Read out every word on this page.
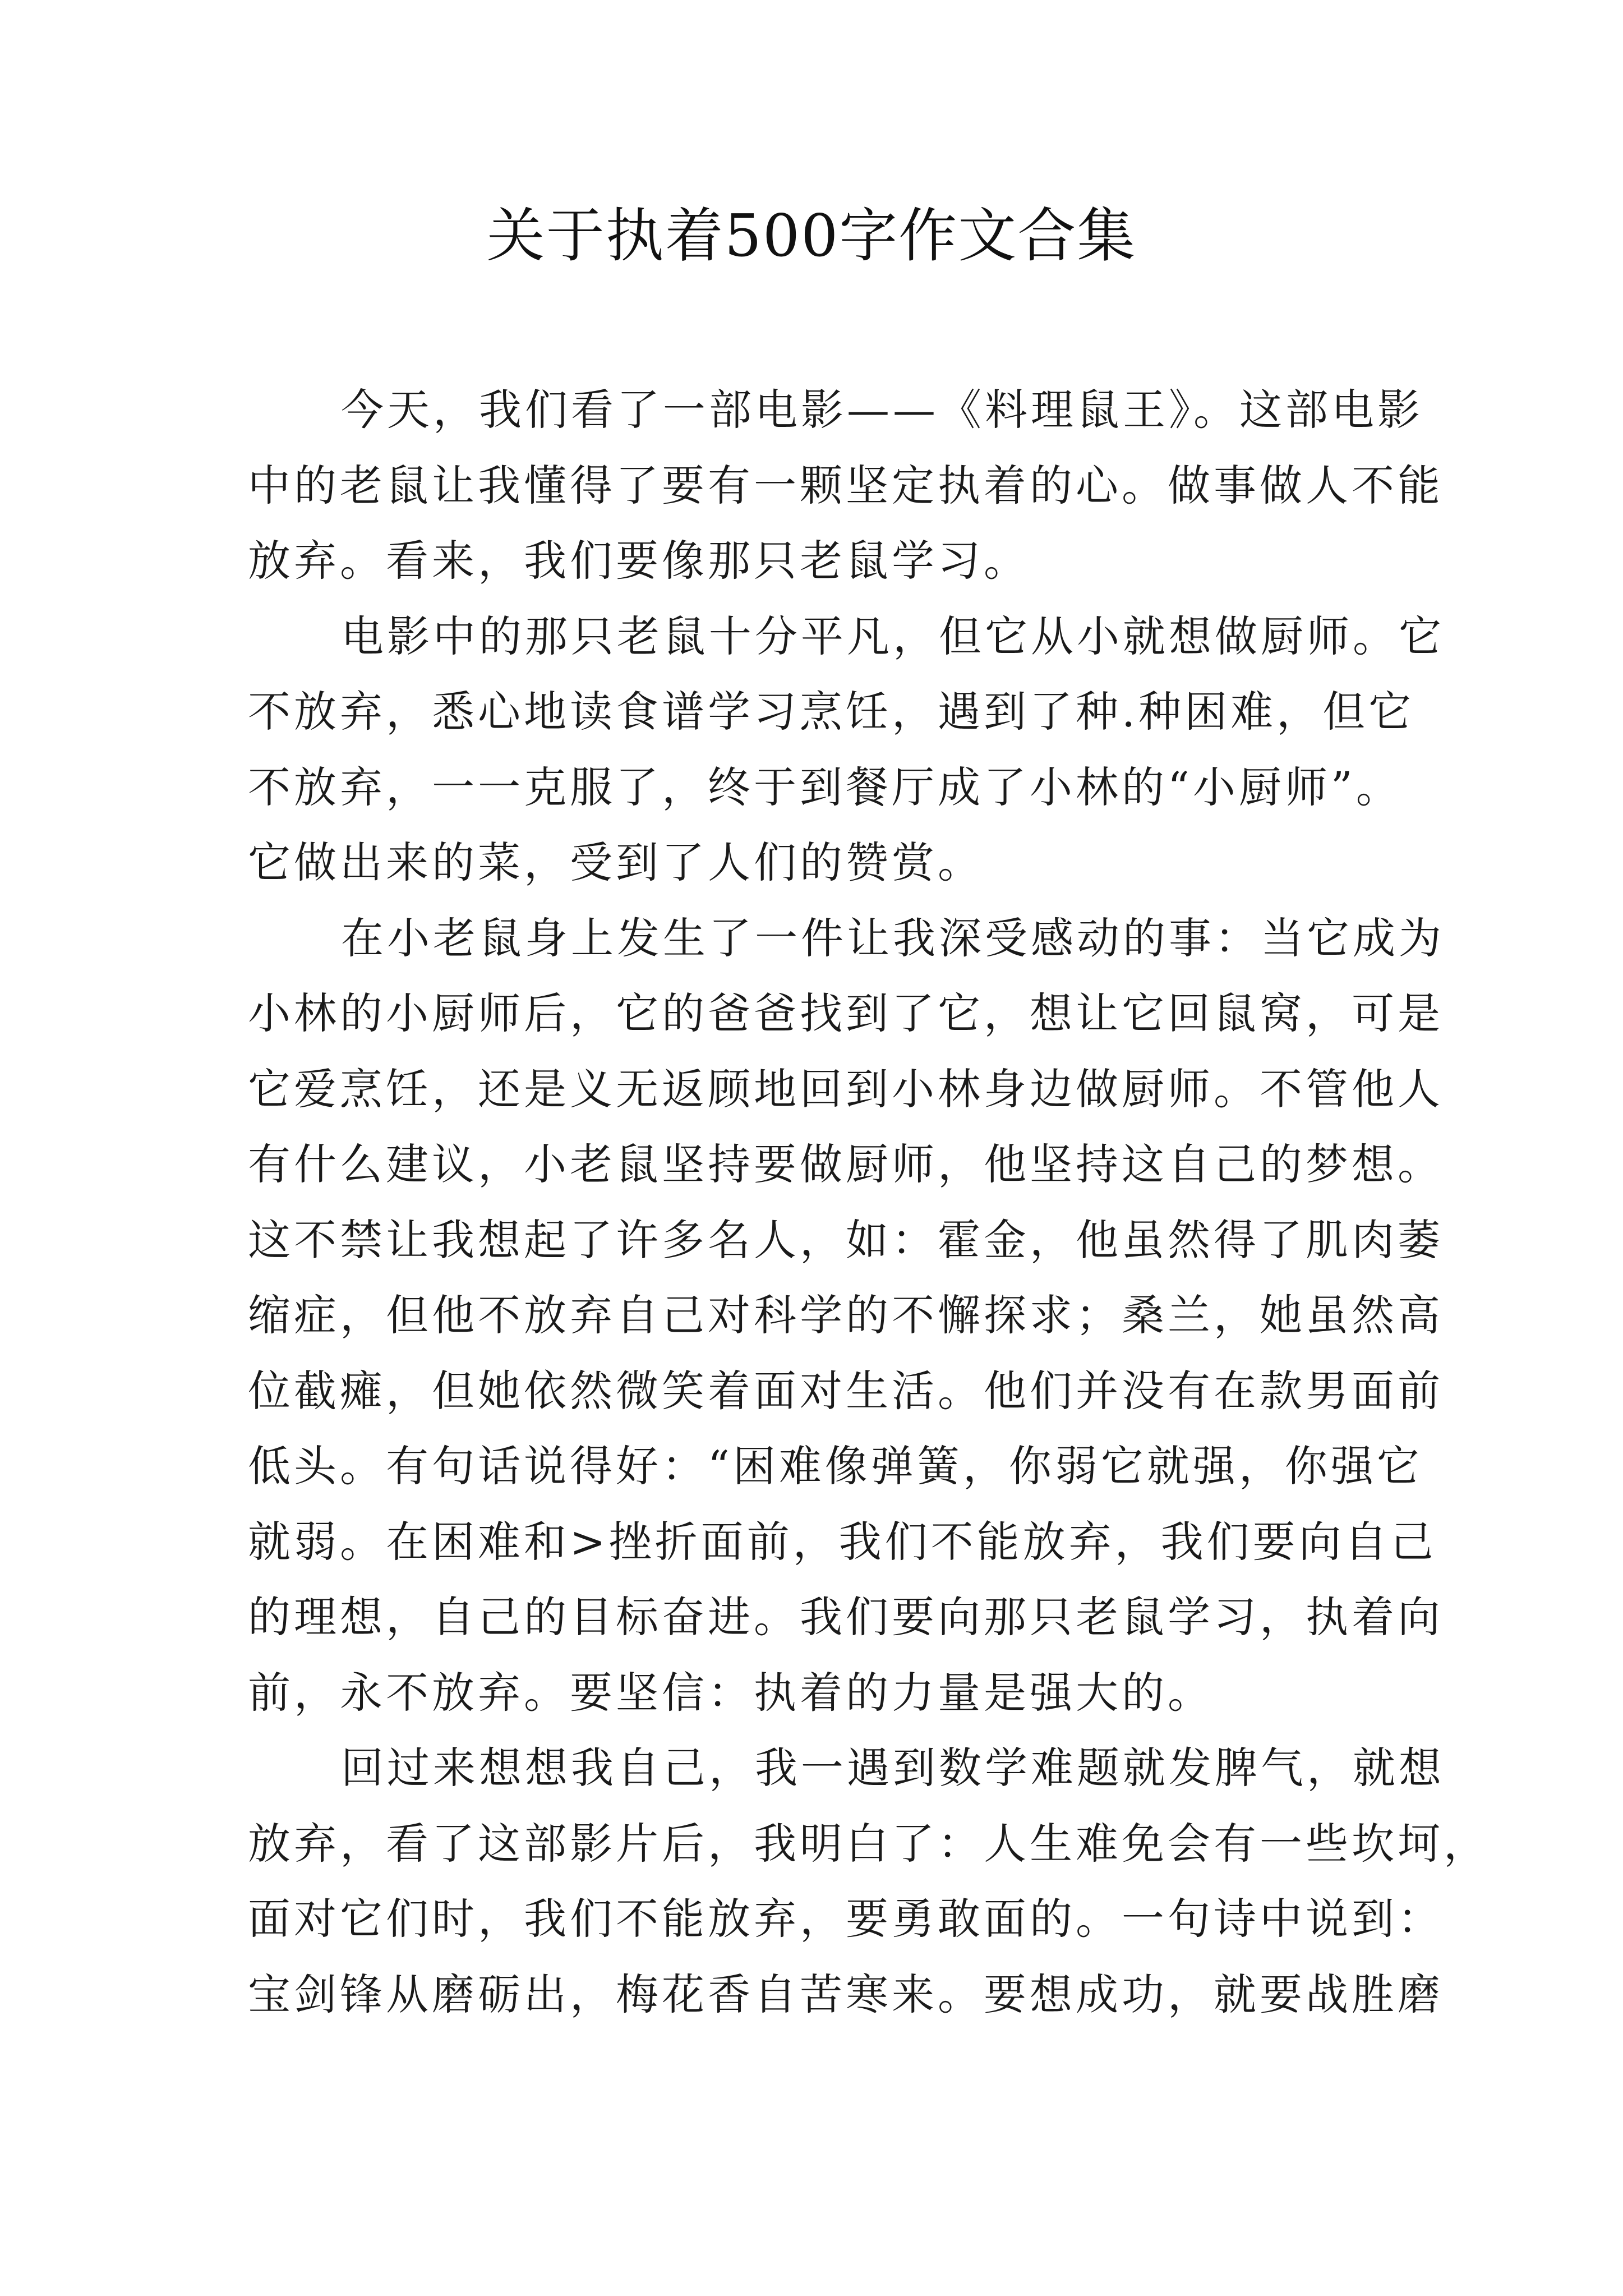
关于执着500字作文合集
今天，我们看了一部电影——《料理鼠王》。这部电影
中的老鼠让我懂得了要有一颗坚定执着的心。做事做人不能
放弃。看来，我们要像那只老鼠学习。
电影中的那只老鼠十分平凡，但它从小就想做厨师。它
不放弃，悉心地读食谱学习烹饪，遇到了种.种困难，但它
不放弃，一一克服了，终于到餐厅成了小林的“小厨师”。
它做出来的菜，受到了人们的赞赏。
在小老鼠身上发生了一件让我深受感动的事：当它成为
小林的小厨师后，它的爸爸找到了它，想让它回鼠窝，可是
它爱烹饪，还是义无返顾地回到小林身边做厨师。不管他人
有什么建议，小老鼠坚持要做厨师，他坚持这自己的梦想。
这不禁让我想起了许多名人，如：霍金，他虽然得了肌肉萎
缩症，但他不放弃自己对科学的不懈探求；桑兰，她虽然高
位截瘫，但她依然微笑着面对生活。他们并没有在款男面前
低头。有句话说得好：“困难像弹簧，你弱它就强，你强它
就弱。在困难和>挫折面前，我们不能放弃，我们要向自己
的理想，自己的目标奋进。我们要向那只老鼠学习，执着向
前，永不放弃。要坚信：执着的力量是强大的。
回过来想想我自己，我一遇到数学难题就发脾气，就想
放弃，看了这部影片后，我明白了：人生难免会有一些坎坷，
面对它们时，我们不能放弃，要勇敢面的。一句诗中说到：
宝剑锋从磨砺出，梅花香自苦寒来。要想成功，就要战胜磨
